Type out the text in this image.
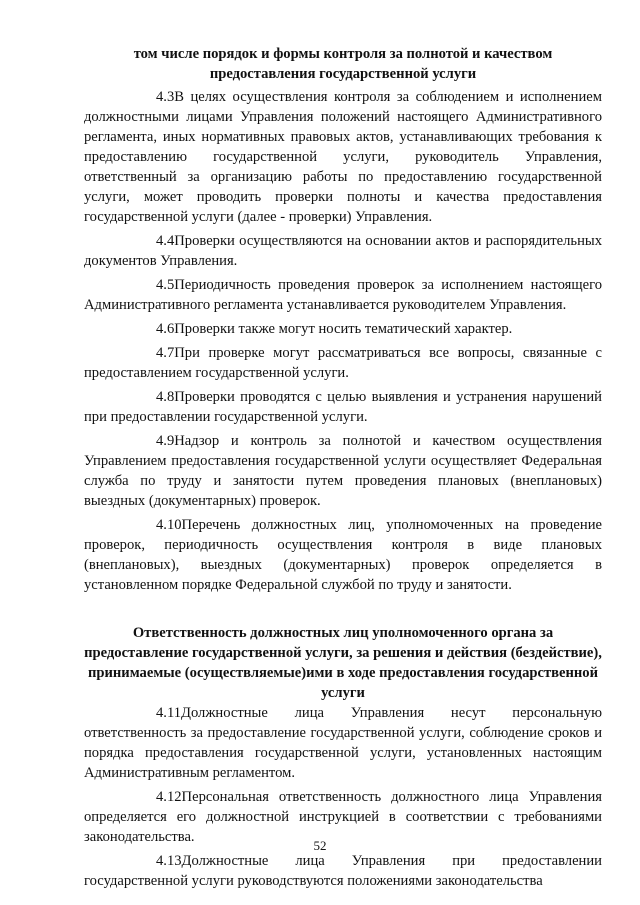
том числе порядок и формы контроля за полнотой и качеством предоставления государственной услуги

4.3В целях осуществления контроля за соблюдением и исполнением должностными лицами Управления положений настоящего Административного регламента, иных нормативных правовых актов, устанавливающих требования к предоставлению государственной услуги, руководитель Управления, ответственный за организацию работы по предоставлению государственной услуги, может проводить проверки полноты и качества предоставления государственной услуги (далее - проверки) Управления.

4.4Проверки осуществляются на основании актов и распорядительных документов Управления.

4.5Периодичность проведения проверок за исполнением настоящего Административного регламента устанавливается руководителем Управления.

4.6Проверки также могут носить тематический характер.

4.7При проверке могут рассматриваться все вопросы, связанные с предоставлением государственной услуги.

4.8Проверки проводятся с целью выявления и устранения нарушений при предоставлении государственной услуги.

4.9Надзор и контроль за полнотой и качеством осуществления Управлением предоставления государственной услуги осуществляет Федеральная служба по труду и занятости путем проведения плановых (внеплановых) выездных (документарных) проверок.

4.10Перечень должностных лиц, уполномоченных на проведение проверок, периодичность осуществления контроля в виде плановых (внеплановых), выездных (документарных) проверок определяется в установленном порядке Федеральной службой по труду и занятости.

Ответственность должностных лиц уполномоченного органа за предоставление государственной услуги, за решения и действия (бездействие), принимаемые (осуществляемые)ими в ходе предоставления государственной услуги

4.11Должностные лица Управления несут персональную ответственность за предоставление государственной услуги, соблюдение сроков и порядка предоставления государственной услуги, установленных настоящим Административным регламентом.

4.12Персональная ответственность должностного лица Управления определяется его должностной инструкцией в соответствии с требованиями законодательства.

4.13Должностные лица Управления при предоставлении государственной услуги руководствуются положениями законодательства

52
